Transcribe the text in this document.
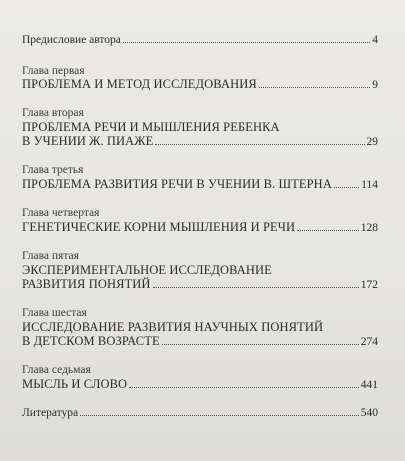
Предисловие автора	4
Глава первая
ПРОБЛЕМА И МЕТОД ИССЛЕДОВАНИЯ	9
Глава вторая
ПРОБЛЕМА РЕЧИ И МЫШЛЕНИЯ РЕБЕНКА
В УЧЕНИИ Ж. ПИАЖЕ	29
Глава третья
ПРОБЛЕМА РАЗВИТИЯ РЕЧИ В УЧЕНИИ В. ШТЕРНА	114
Глава четвертая
ГЕНЕТИЧЕСКИЕ КОРНИ МЫШЛЕНИЯ И РЕЧИ	128
Глава пятая
ЭКСПЕРИМЕНТАЛЬНОЕ ИССЛЕДОВАНИЕ
РАЗВИТИЯ ПОНЯТИЙ	172
Глава шестая
ИССЛЕДОВАНИЕ РАЗВИТИЯ НАУЧНЫХ ПОНЯТИЙ
В ДЕТСКОМ ВОЗРАСТЕ	274
Глава седьмая
МЫСЛЬ И СЛОВО	441
Литература	540
